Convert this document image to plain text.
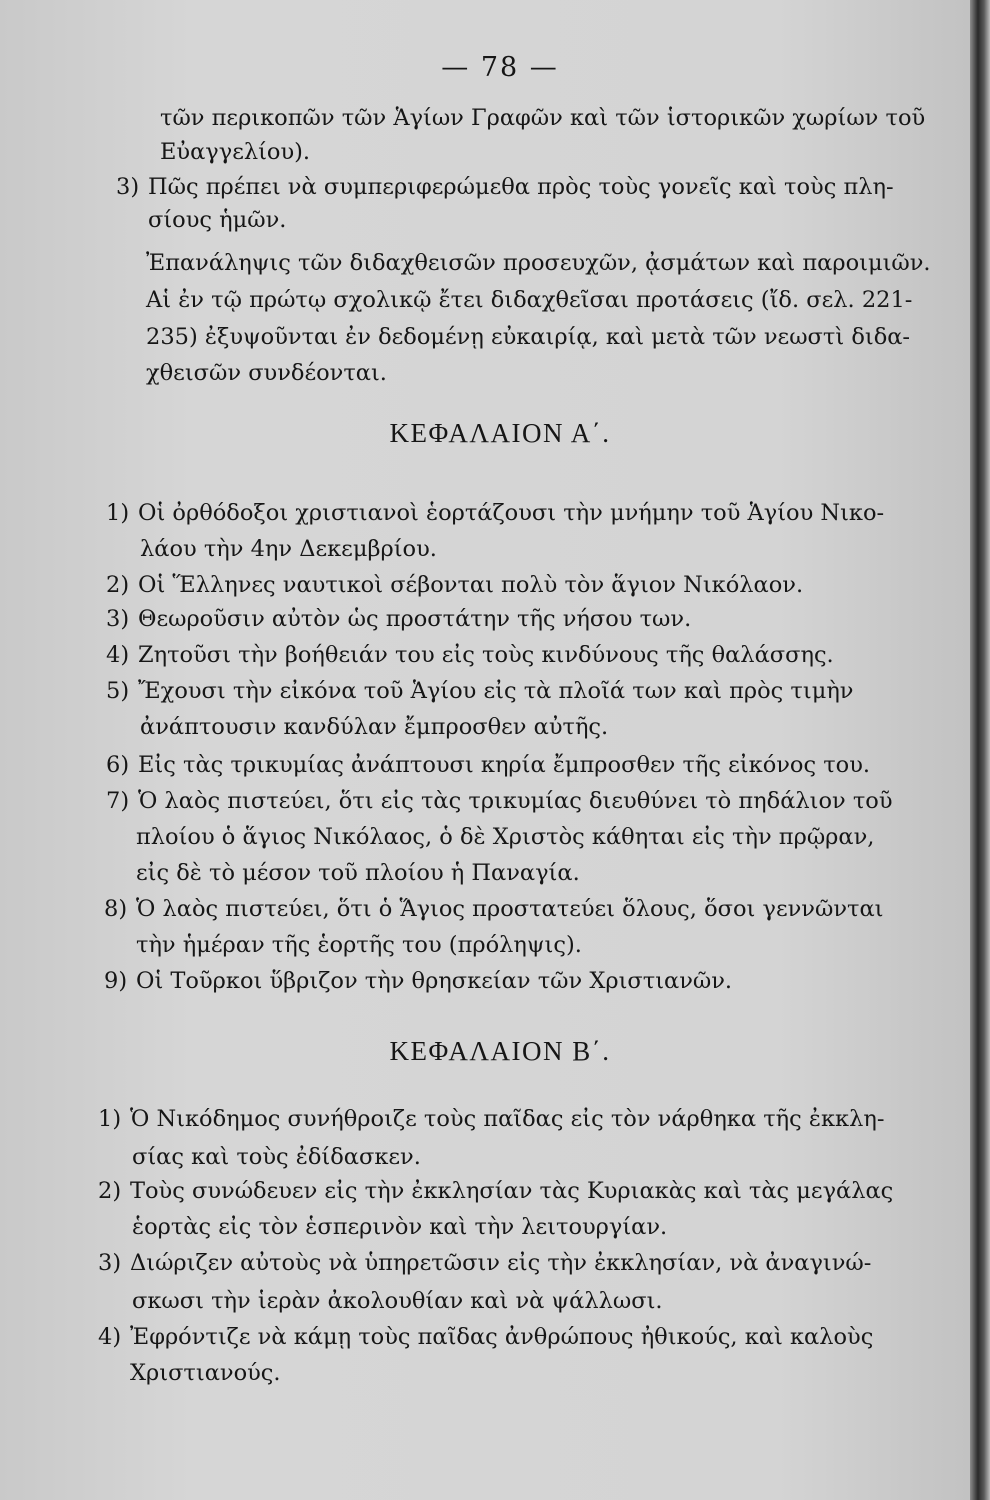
— 78 —
τῶν περικοπῶν τῶν Ἁγίων Γραφῶν καὶ τῶν ἱστορικῶν χωρίων τοῦ
Εὐαγγελίου).
3) Πῶς πρέπει νὰ συμπεριφερώμεθα πρὸς τοὺς γονεῖς καὶ τοὺς πλη-
σίους ἡμῶν.
Ἐπανάληψις τῶν διδαχθεισῶν προσευχῶν, ᾀσμάτων καὶ παροιμιῶν.
Αἱ ἐν τῷ πρώτῳ σχολικῷ ἔτει διδαχθεῖσαι προτάσεις (ἴδ. σελ. 221-
235) ἐξυψοῦνται ἐν δεδομένῃ εὐκαιρίᾳ, καὶ μετὰ τῶν νεωστὶ διδα-
χθεισῶν συνδέονται.
ΚΕΦΑΛΑΙΟΝ Α΄.
1) Οἱ ὀρθόδοξοι χριστιανοὶ ἑορτάζουσι τὴν μνήμην τοῦ Ἁγίου Νικο-
λάου τὴν 4ην Δεκεμβρίου.
2) Οἱ Ἕλληνες ναυτικοὶ σέβονται πολὺ τὸν ἅγιον Νικόλαον.
3) Θεωροῦσιν αὐτὸν ὡς προστάτην τῆς νήσου των.
4) Ζητοῦσι τὴν βοήθειάν του εἰς τοὺς κινδύνους τῆς θαλάσσης.
5) Ἔχουσι τὴν εἰκόνα τοῦ Ἁγίου εἰς τὰ πλοῖά των καὶ πρὸς τιμὴν
ἀνάπτουσιν κανδύλαν ἔμπροσθεν αὐτῆς.
6) Εἰς τὰς τρικυμίας ἀνάπτουσι κηρία ἔμπροσθεν τῆς εἰκόνος του.
7) Ὁ λαὸς πιστεύει, ὅτι εἰς τὰς τρικυμίας διευθύνει τὸ πηδάλιον τοῦ
πλοίου ὁ ἅγιος Νικόλαος, ὁ δὲ Χριστὸς κάθηται εἰς τὴν πρῷραν,
εἰς δὲ τὸ μέσον τοῦ πλοίου ἡ Παναγία.
8) Ὁ λαὸς πιστεύει, ὅτι ὁ Ἅγιος προστατεύει ὅλους, ὅσοι γεννῶνται
τὴν ἡμέραν τῆς ἑορτῆς του (πρόληψις).
9) Οἱ Τοῦρκοι ὕβριζον τὴν θρησκείαν τῶν Χριστιανῶν.
ΚΕΦΑΛΑΙΟΝ Β΄.
1) Ὁ Νικόδημος συνήθροιζε τοὺς παῖδας εἰς τὸν νάρθηκα τῆς ἐκκλη-
σίας καὶ τοὺς ἐδίδασκεν.
2) Τοὺς συνώδευεν εἰς τὴν ἐκκλησίαν τὰς Κυριακὰς καὶ τὰς μεγάλας
ἑορτὰς εἰς τὸν ἑσπερινὸν καὶ τὴν λειτουργίαν.
3) Διώριζεν αὐτοὺς νὰ ὑπηρετῶσιν εἰς τὴν ἐκκλησίαν, νὰ ἀναγινώ-
σκωσι τὴν ἱερὰν ἀκολουθίαν καὶ νὰ ψάλλωσι.
4) Ἐφρόντιζε νὰ κάμῃ τοὺς παῖδας ἀνθρώπους ἠθικούς, καὶ καλοὺς
Χριστιανούς.
